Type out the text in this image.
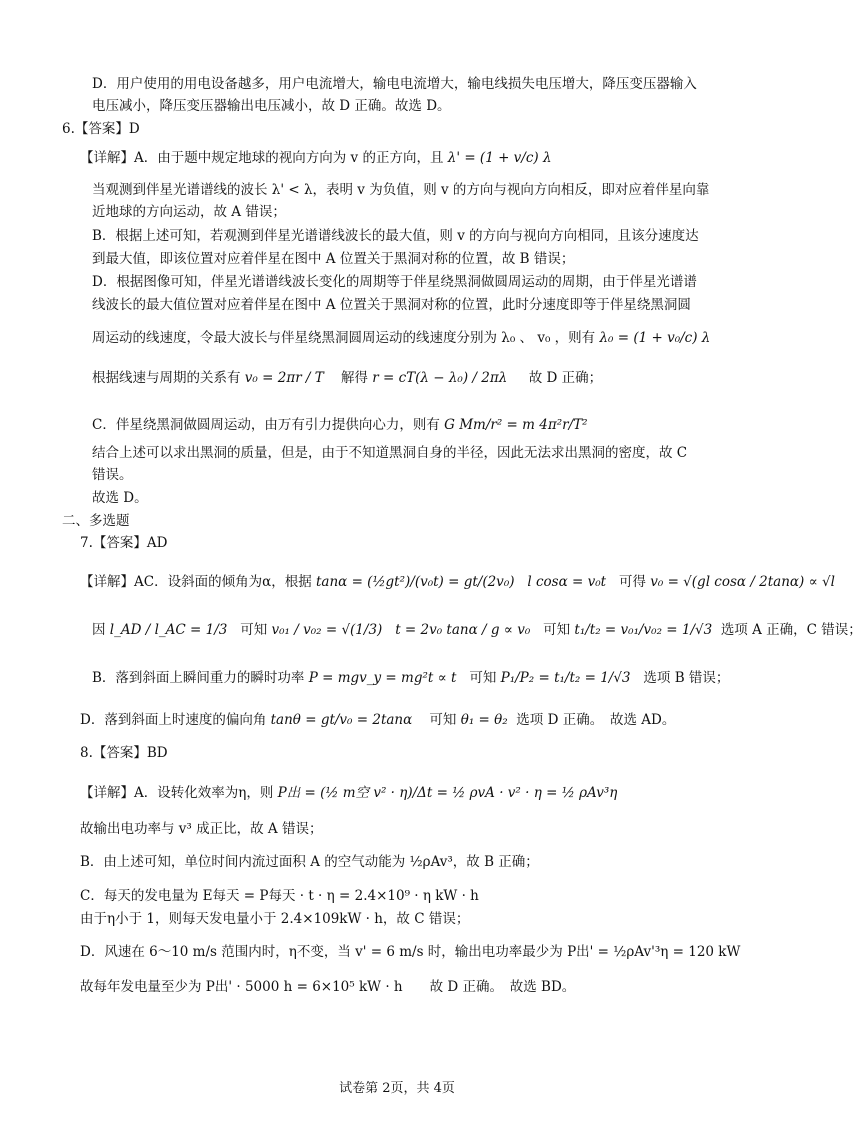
D．用户使用的用电设备越多，用户电流增大，输电电流增大，输电线损失电压增大，降压变压器输入
电压减小，降压变压器输出电压减小，故 D 正确。故选 D。
6.【答案】D
【详解】A．由于题中规定地球的视向方向为 v 的正方向，且 λ' = (1 + v/c) λ
当观测到伴星光谱谱线的波长 λ' < λ，表明 v 为负值，则 v 的方向与视向方向相反，即对应着伴星向靠
近地球的方向运动，故 A 错误；
B．根据上述可知，若观测到伴星光谱谱线波长的最大值，则 v 的方向与视向方向相同，且该分速度达
到最大值，即该位置对应着伴星在图中 A 位置关于黑洞对称的位置，故 B 错误；
D．根据图像可知，伴星光谱谱线波长变化的周期等于伴星绕黑洞做圆周运动的周期，由于伴星光谱谱
线波长的最大值位置对应着伴星在图中 A 位置关于黑洞对称的位置，此时分速度即等于伴星绕黑洞圆
周运动的线速度，令最大波长与伴星绕黑洞圆周运动的线速度分别为 λ₀ 、 v₀ ，则有 λ₀ = (1 + v₀/c) λ
根据线速与周期的关系有 v₀ = 2πr / T 解得 r = cT(λ − λ₀) / 2πλ 故 D 正确；
C．伴星绕黑洞做圆周运动，由万有引力提供向心力，则有 G Mm/r² = m 4π²r/T²
结合上述可以求出黑洞的质量，但是，由于不知道黑洞自身的半径，因此无法求出黑洞的密度，故 C
错误。
故选 D。
二、多选题
7.【答案】AD
【详解】AC．设斜面的倾角为α，根据 tanα = (½gt²)/(v₀t) = gt/(2v₀) l cosα = v₀t 可得 v₀ = √(gl cosα / 2tanα) ∝ √l
因 l_AD / l_AC = 1/3 可知 v₀₁ / v₀₂ = √(1/3) t = 2v₀ tanα / g ∝ v₀ 可知 t₁/t₂ = v₀₁/v₀₂ = 1/√3 选项 A 正确，C 错误；
B．落到斜面上瞬间重力的瞬时功率 P = mgv_y = mg²t ∝ t 可知 P₁/P₂ = t₁/t₂ = 1/√3 选项 B 错误；
D．落到斜面上时速度的偏向角 tanθ = gt/v₀ = 2tanα 可知 θ₁ = θ₂ 选项 D 正确。　故选 AD。
8.【答案】BD
【详解】A．设转化效率为η，则 P出 = (½ m空 v² · η)/Δt = ½ ρvA · v² · η = ½ ρAv³η
故输出电功率与 v³ 成正比，故 A 错误；
B．由上述可知，单位时间内流过面积 A 的空气动能为 ½ρAv³，故 B 正确；
C．每天的发电量为 E每天 = P每天 · t · η = 2.4×10⁹ · η kW · h
由于η小于 1，则每天发电量小于 2.4×109kW · h，故 C 错误；
D．风速在 6～10 m/s 范围内时，η不变，当 v' = 6 m/s 时，输出电功率最少为 P出' = ½ρAv'³η = 120 kW
故每年发电量至少为 P出' · 5000 h = 6×10⁵ kW · h　　故 D 正确。　故选 BD。
试卷第 2页，共 4页
